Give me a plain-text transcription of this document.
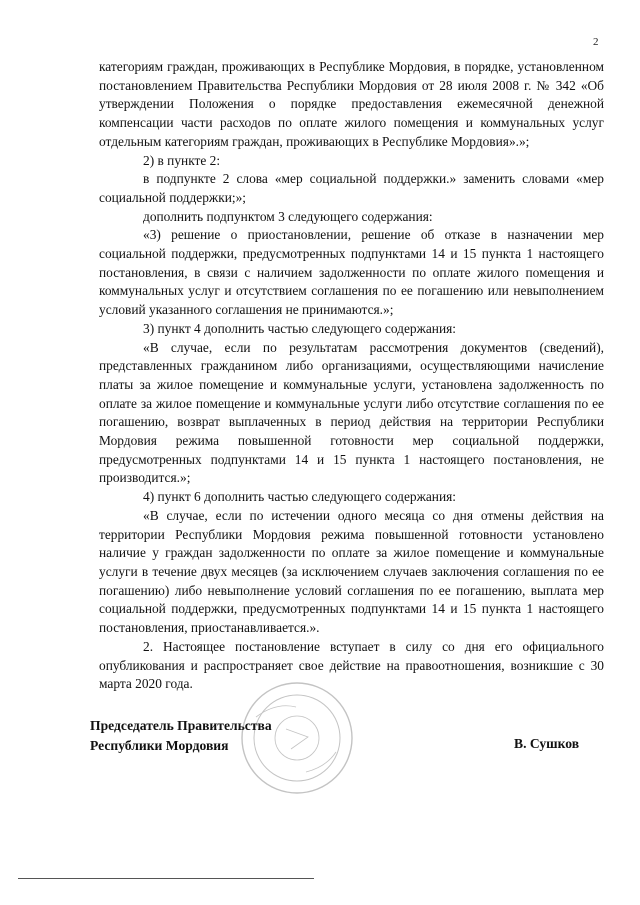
2

категориям граждан, проживающих в Республике Мордовия, в порядке, установленном постановлением Правительства Республики Мордовия от 28 июля 2008 г. № 342 «Об утверждении Положения о порядке предоставления ежемесячной денежной компенсации части расходов по оплате жилого помещения и коммунальных услуг отдельным категориям граждан, проживающих в Республике Мордовия».»;

2) в пункте 2:

в подпункте 2 слова «мер социальной поддержки.» заменить словами «мер социальной поддержки;»;

дополнить подпунктом 3 следующего содержания:

«3) решение о приостановлении, решение об отказе в назначении мер социальной поддержки, предусмотренных подпунктами 14 и 15 пункта 1 настоящего постановления, в связи с наличием задолженности по оплате жилого помещения и коммунальных услуг и отсутствием соглашения по ее погашению или невыполнением условий указанного соглашения не принимаются.»;

3) пункт 4 дополнить частью следующего содержания:

«В случае, если по результатам рассмотрения документов (сведений), представленных гражданином либо организациями, осуществляющими начисление платы за жилое помещение и коммунальные услуги, установлена задолженность по оплате за жилое помещение и коммунальные услуги либо отсутствие соглашения по ее погашению, возврат выплаченных в период действия на территории Республики Мордовия режима повышенной готовности мер социальной поддержки, предусмотренных подпунктами 14 и 15 пункта 1 настоящего постановления, не производится.»;

4) пункт 6 дополнить частью следующего содержания:

«В случае, если по истечении одного месяца со дня отмены действия на территории Республики Мордовия режима повышенной готовности установлено наличие у граждан задолженности по оплате за жилое помещение и коммунальные услуги в течение двух месяцев (за исключением случаев заключения соглашения по ее погашению) либо невыполнение условий соглашения по ее погашению, выплата мер социальной поддержки, предусмотренных подпунктами 14 и 15 пункта 1 настоящего постановления, приостанавливается.».

2. Настоящее постановление вступает в силу со дня его официального опубликования и распространяет свое действие на правоотношения, возникшие с 30 марта 2020 года.

Председатель Правительства
Республики Мордовия	В. Сушков
